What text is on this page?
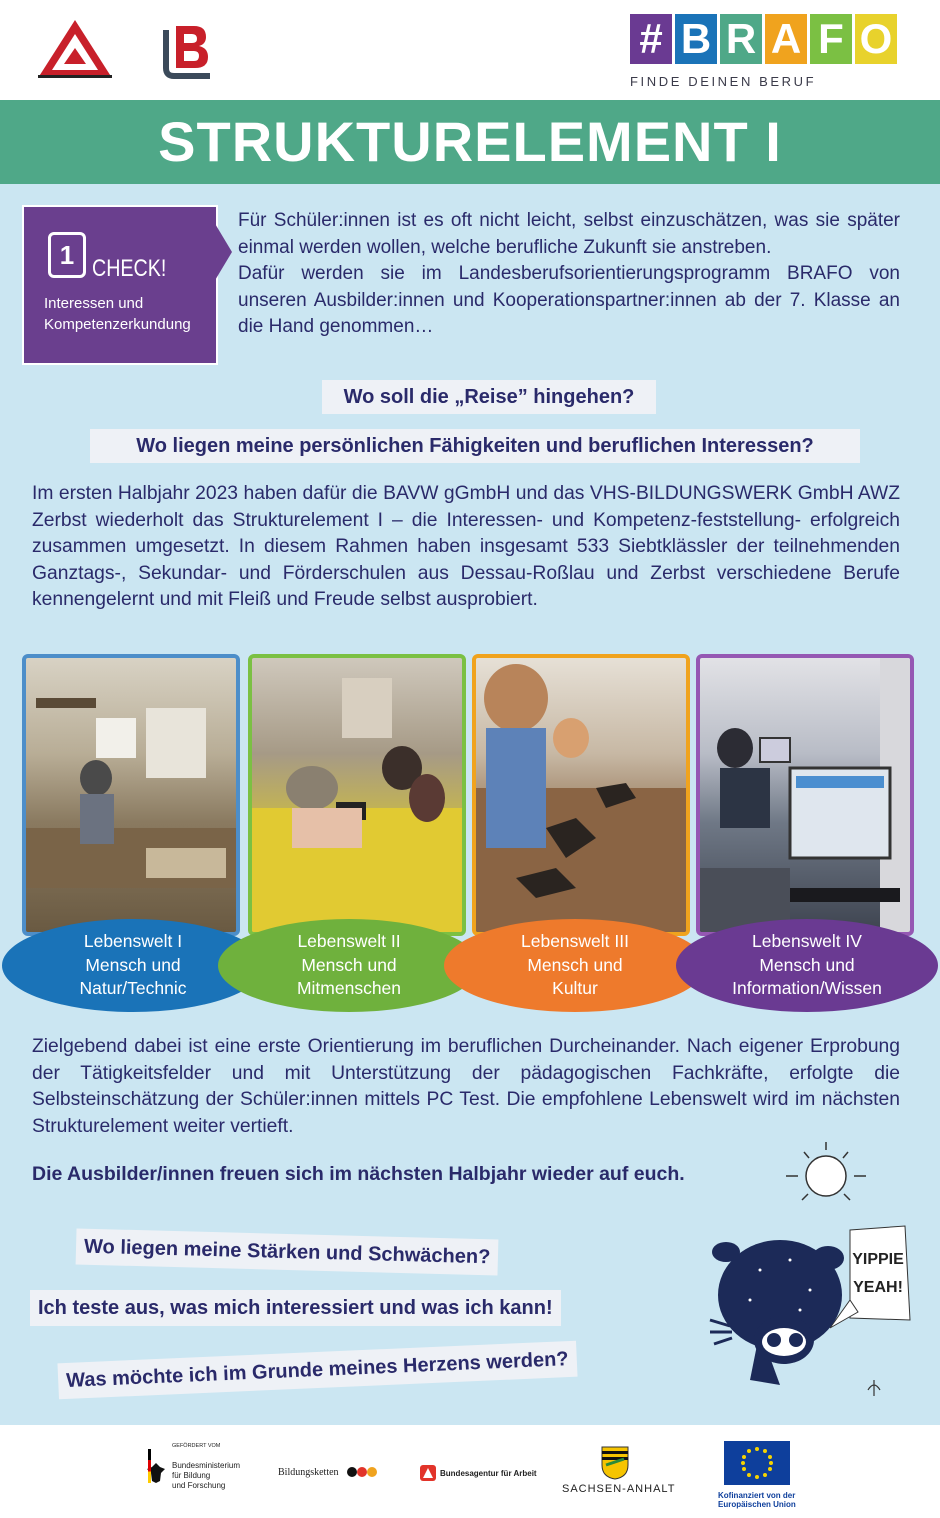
# B R A F O
FINDE DEINEN BERUF
STRUKTURELEMENT I
1 CHECK!
Interessen und Kompetenzerkundung

Für Schüler:innen ist es oft nicht leicht, selbst einzuschätzen, was sie später einmal werden wollen, welche berufliche Zukunft sie anstreben.

Dafür werden sie im Landesberufsorientierungsprogramm BRAFO von unseren Ausbilder:innen und Kooperationspartner:innen ab der 7. Klasse an die Hand genommen…

Wo soll die „Reise” hingehen?
Wo liegen meine persönlichen Fähigkeiten und beruflichen Interessen?
Im ersten Halbjahr 2023 haben dafür die BAVW gGmbH und das VHS-BILDUNGSWERK GmbH AWZ Zerbst wiederholt das Strukturelement I – die Interessen- und Kompetenz-feststellung- erfolgreich zusammen umgesetzt. In diesem Rahmen haben insgesamt 533 Siebtklässler der teilnehmenden Ganztags-, Sekundar- und Förderschulen aus Dessau-Roßlau und Zerbst verschiedene Berufe kennengelernt und mit Fleiß und Freude selbst ausprobiert.
Lebenswelt I
Mensch und
Natur/Technic
Lebenswelt II
Mensch und
Mitmenschen
Lebenswelt III
Mensch und
Kultur
Lebenswelt IV
Mensch und
Information/Wissen
Zielgebend dabei ist eine erste Orientierung im beruflichen Durcheinander. Nach eigener Erprobung der Tätigkeitsfelder und mit Unterstützung der pädagogischen Fachkräfte, erfolgte die Selbsteinschätzung der Schüler:innen mittels PC Test. Die empfohlene Lebenswelt wird im nächsten Strukturelement weiter vertieft.
Die Ausbilder/innen freuen sich im nächsten Halbjahr wieder auf euch.
Wo liegen meine Stärken und Schwächen?
Ich teste aus, was mich interessiert und was ich kann!
Was möchte ich im Grunde meines Herzens werden?
YIPPIE
YEAH!
GEFÖRDERT VOM
Bundesministerium
für Bildung
und Forschung
Bildungsketten	Bundesagentur für Arbeit
SACHSEN-ANHALT
Kofinanziert von der
Europäischen Union
